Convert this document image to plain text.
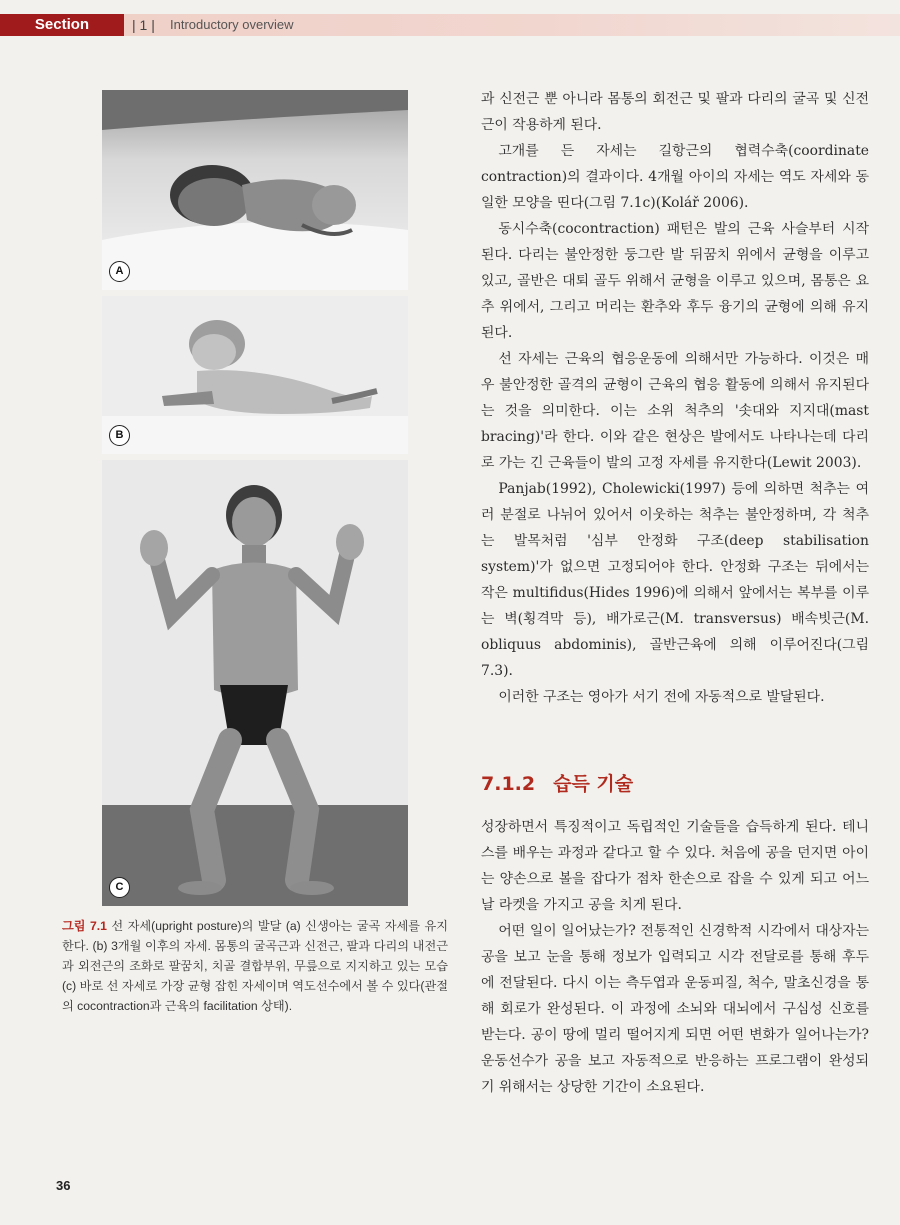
Section	| 1 | Introductory overview
A
B
C

그림 7.1 선 자세(upright posture)의 발달 (a) 신생아는 굴곡 자세를 유지한다. (b) 3개월 이후의 자세. 몸통의 굴곡근과 신전근, 팔과 다리의 내전근과 외전근의 조화로 팔꿈치, 치골 결합부위, 무릎으로 지지하고 있는 모습 (c) 바로 선 자세로 가장 균형 잡힌 자세이며 역도선수에서 볼 수 있다(관절의 cocontraction과 근육의 facilitation 상태).

과 신전근 뿐 아니라 몸통의 회전근 및 팔과 다리의 굴곡 및 신전근이 작용하게 된다.

고개를 든 자세는 길항근의 협력수축(coordinate contraction)의 결과이다. 4개월 아이의 자세는 역도 자세와 동일한 모양을 띤다(그림 7.1c)(Kolář 2006).

동시수축(cocontraction) 패턴은 발의 근육 사슬부터 시작된다. 다리는 불안정한 둥그란 발 뒤꿈치 위에서 균형을 이루고 있고, 골반은 대퇴 골두 위해서 균형을 이루고 있으며, 몸통은 요추 위에서, 그리고 머리는 환추와 후두 융기의 균형에 의해 유지된다.

선 자세는 근육의 협응운동에 의해서만 가능하다. 이것은 매우 불안정한 골격의 균형이 근육의 협응 활동에 의해서 유지된다는 것을 의미한다. 이는 소위 척추의 '솟대와 지지대(mast bracing)'라 한다. 이와 같은 현상은 발에서도 나타나는데 다리로 가는 긴 근육들이 발의 고정 자세를 유지한다(Lewit 2003).

Panjab(1992), Cholewicki(1997) 등에 의하면 척추는 여러 분절로 나뉘어 있어서 이웃하는 척추는 불안정하며, 각 척추는 발목처럼 '심부 안정화 구조(deep stabilisation system)'가 없으면 고정되어야 한다. 안정화 구조는 뒤에서는 작은 multifidus(Hides 1996)에 의해서 앞에서는 복부를 이루는 벽(횡격막 등), 배가로근(M. transversus) 배속빗근(M. obliquus abdominis), 골반근육에 의해 이루어진다(그림 7.3).

이러한 구조는 영아가 서기 전에 자동적으로 발달된다.

7.1.2 습득 기술

성장하면서 특징적이고 독립적인 기술들을 습득하게 된다. 테니스를 배우는 과정과 같다고 할 수 있다. 처음에 공을 던지면 아이는 양손으로 볼을 잡다가 점차 한손으로 잡을 수 있게 되고 어느 날 라켓을 가지고 공을 치게 된다.

어떤 일이 일어났는가? 전통적인 신경학적 시각에서 대상자는 공을 보고 눈을 통해 정보가 입력되고 시각 전달로를 통해 후두에 전달된다. 다시 이는 측두엽과 운동피질, 척수, 말초신경을 통해 회로가 완성된다. 이 과정에 소뇌와 대뇌에서 구심성 신호를 받는다. 공이 땅에 멀리 떨어지게 되면 어떤 변화가 일어나는가? 운동선수가 공을 보고 자동적으로 반응하는 프로그램이 완성되기 위해서는 상당한 기간이 소요된다.

36
